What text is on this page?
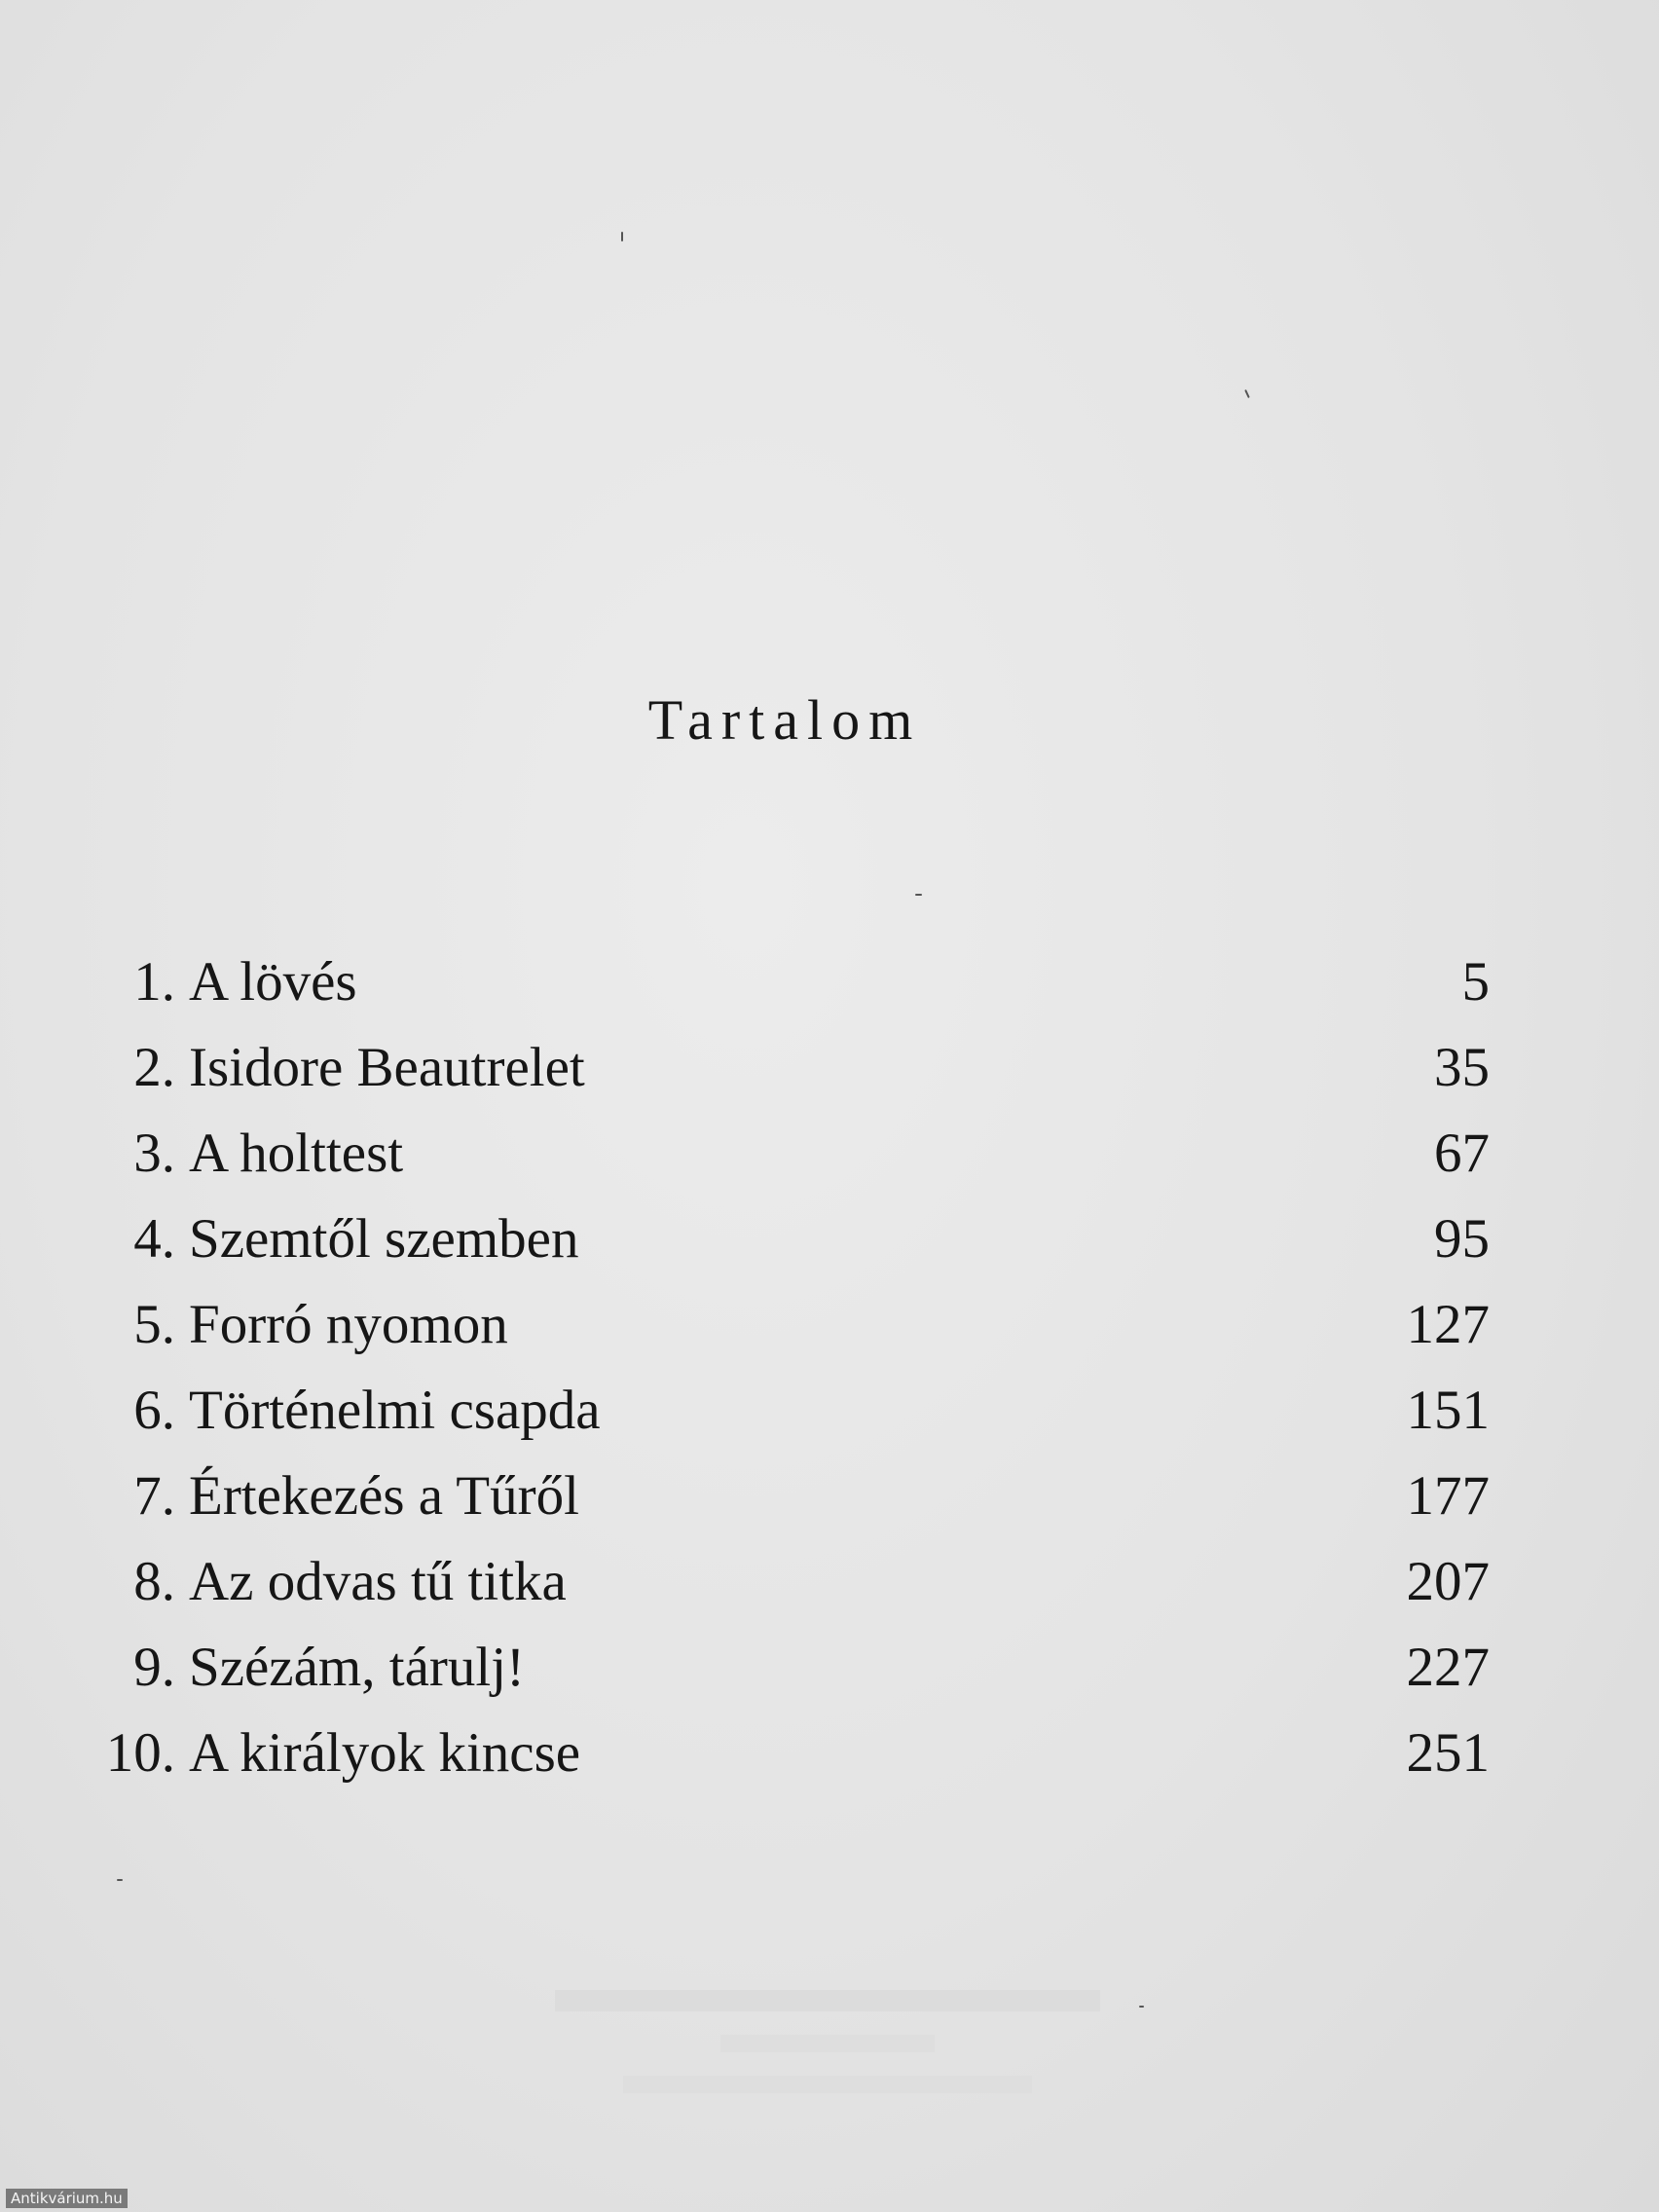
Tartalom
1. A lövés	5
2. Isidore Beautrelet	35
3. A holttest	67
4. Szemtől szemben	95
5. Forró nyomon	127
6. Történelmi csapda	151
7. Értekezés a Tűről	177
8. Az odvas tű titka	207
9. Szézám, tárulj!	227
10. A királyok kincse	251
Antikvárium.hu
